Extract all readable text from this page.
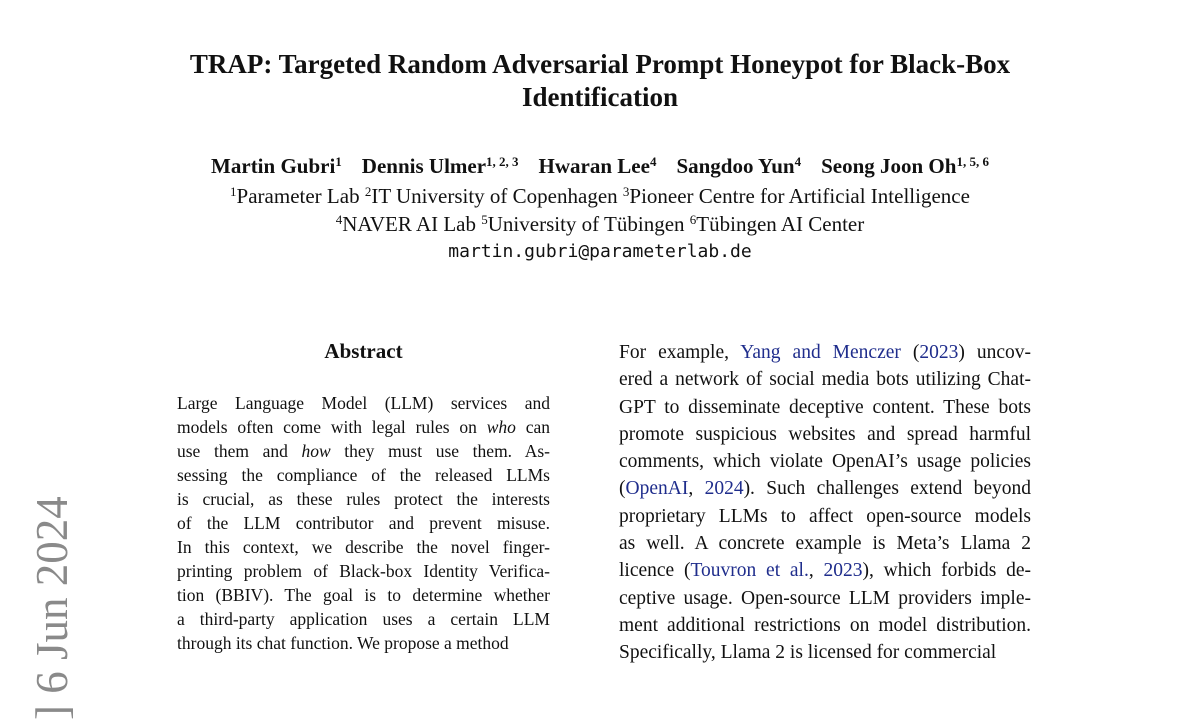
TRAP: Targeted Random Adversarial Prompt Honeypot for Black-Box
Identification
Martin Gubri$^1$ Dennis Ulmer$^{1, 2, 3}$ Hwaran Lee$^4$ Sangdoo Yun$^4$ Seong Joon Oh$^{1, 5, 6}$
$^1$Parameter Lab $^2$IT University of Copenhagen $^3$Pioneer Centre for Artificial Intelligence
$^4$NAVER AI Lab $^5$University of Tübingen $^6$Tübingen AI Center
martin.gubri@parameterlab.de
Abstract
Large Language Model (LLM) services and
models often come with legal rules on who can
use them and how they must use them. As-
sessing the compliance of the released LLMs
is crucial, as these rules protect the interests
of the LLM contributor and prevent misuse.
In this context, we describe the novel finger-
printing problem of Black-box Identity Verifica-
tion (BBIV). The goal is to determine whether
a third-party application uses a certain LLM
through its chat function. We propose a method
For example, Yang and Menczer (2023) uncov-
ered a network of social media bots utilizing Chat-
GPT to disseminate deceptive content. These bots
promote suspicious websites and spread harmful
comments, which violate OpenAI’s usage policies
(OpenAI, 2024). Such challenges extend beyond
proprietary LLMs to affect open-source models
as well. A concrete example is Meta’s Llama 2
licence (Touvron et al., 2023), which forbids de-
ceptive usage. Open-source LLM providers imple-
ment additional restrictions on model distribution.
Specifically, Llama 2 is licensed for commercial
] 6 Jun 2024
